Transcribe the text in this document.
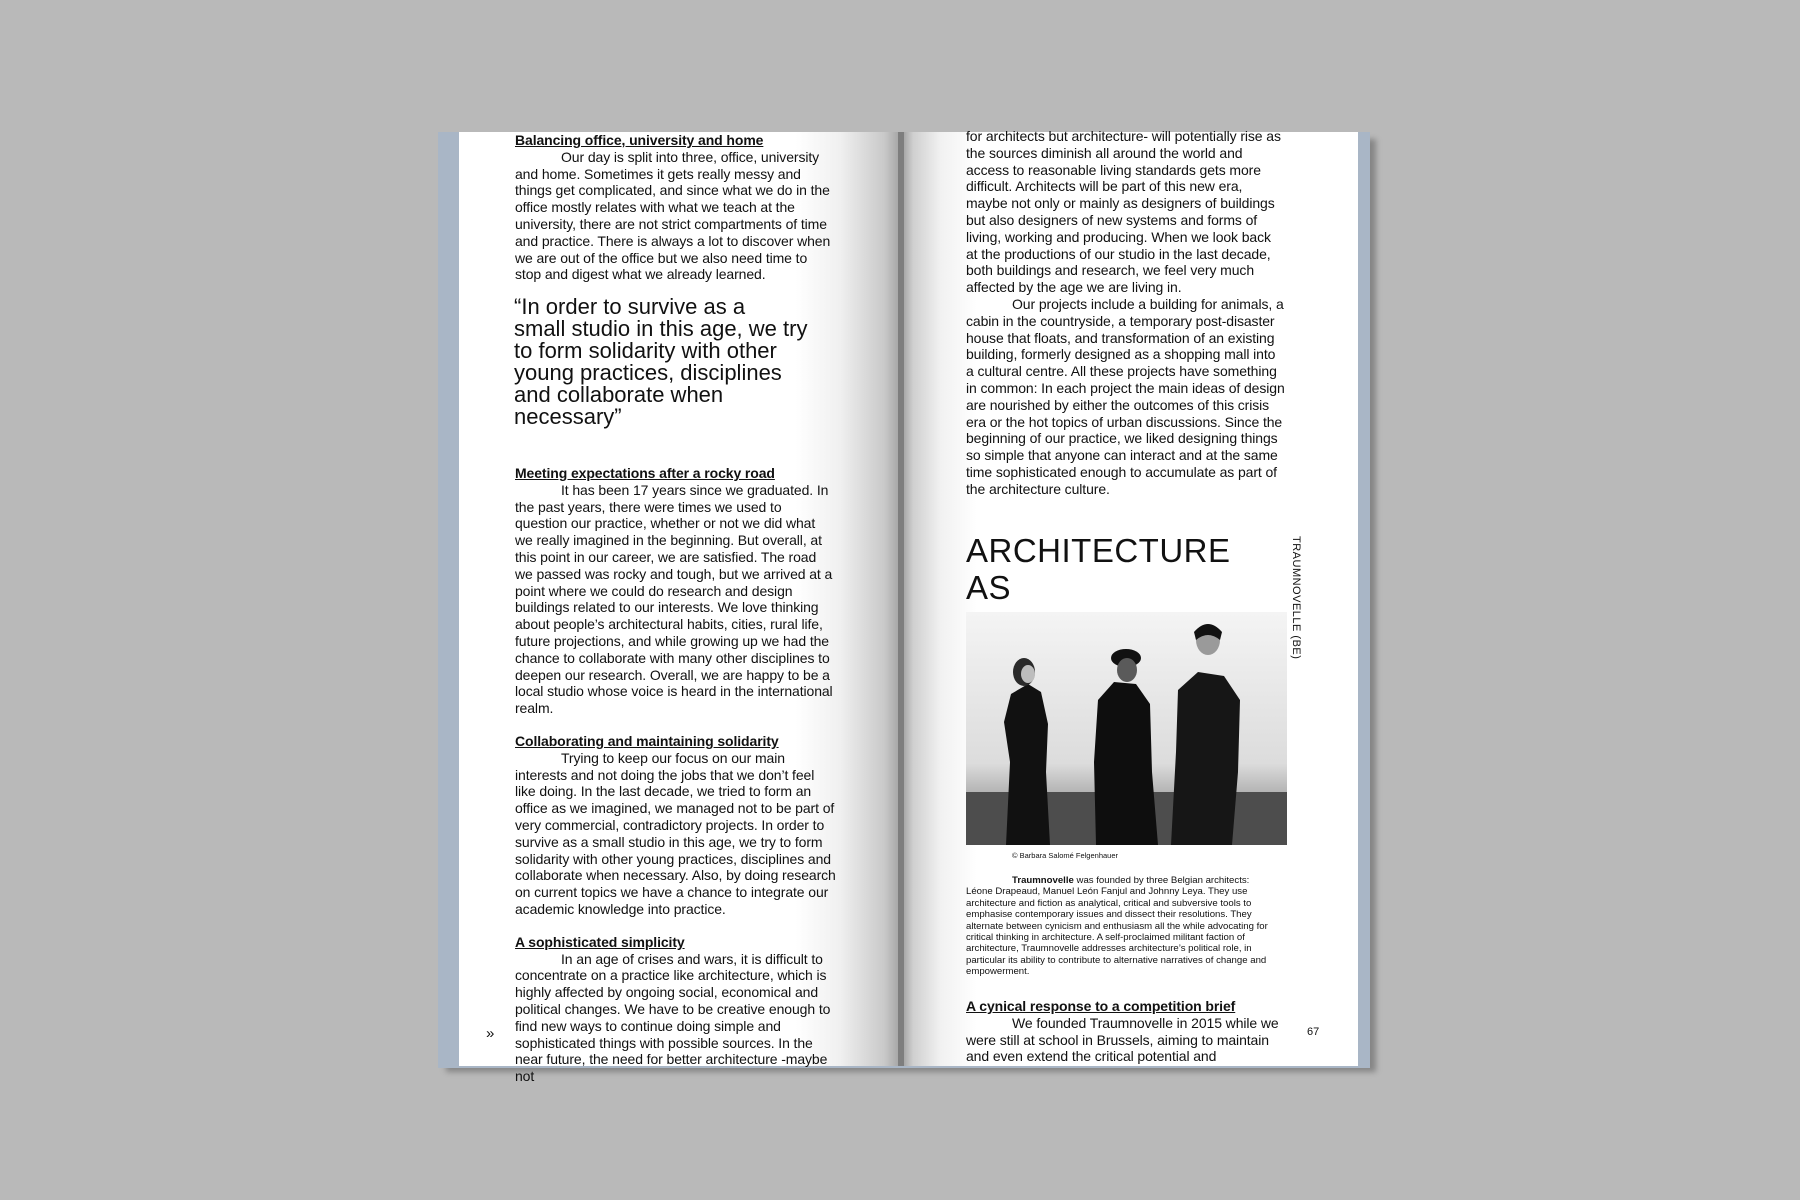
Balancing office, university and home

Our day is split into three, office, university and home. Sometimes it gets really messy and things get complicated, and since what we do in the office mostly relates with what we teach at the university, there are not strict compartments of time and practice. There is always a lot to discover when we are out of the office but we also need time to stop and digest what we already learned.

“In order to survive as a
small studio in this age, we try
to form solidarity with other
young practices, disciplines
and collaborate when
necessary”

Meeting expectations after a rocky road

It has been 17 years since we graduated. In the past years, there were times we used to question our practice, whether or not we did what we really imagined in the beginning. But overall, at this point in our career, we are satisfied. The road we passed was rocky and tough, but we arrived at a point where we could do research and design buildings related to our interests. We love thinking about people’s architectural habits, cities, rural life, future projections, and while growing up we had the chance to collaborate with many other disciplines to deepen our research. Overall, we are happy to be a local studio whose voice is heard in the international realm.

Collaborating and maintaining solidarity

Trying to keep our focus on our main interests and not doing the jobs that we don’t feel like doing. In the last decade, we tried to form an office as we imagined, we managed not to be part of very commercial, contradictory projects. In order to survive as a small studio in this age, we try to form solidarity with other young practices, disciplines and collaborate when necessary. Also, by doing research on current topics we have a chance to integrate our academic knowledge into practice.

A sophisticated simplicity

In an age of crises and wars, it is difficult to concentrate on a practice like architecture, which is highly affected by ongoing social, economical and political changes. We have to be creative enough to find new ways to continue doing simple and sophisticated things with possible sources. In the near future, the need for better architecture -maybe not

»

for architects but architecture- will potentially rise as the sources diminish all around the world and access to reasonable living standards gets more difficult. Architects will be part of this new era, maybe not only or mainly as designers of buildings but also designers of new systems and forms of living, working and producing. When we look back at the productions of our studio in the last decade, both buildings and research, we feel very much affected by the age we are living in.

Our projects include a building for animals, a cabin in the countryside, a temporary post-disaster house that floats, and transformation of an existing building, formerly designed as a shopping mall into a cultural centre. All these projects have something in common: In each project the main ideas of design are nourished by either the outcomes of this crisis era or the hot topics of urban discussions. Since the beginning of our practice, we liked designing things so simple that anyone can interact and at the same time sophisticated enough to accumulate as part of the architecture culture.

ARCHITECTURE AS	TRAUMNOVELLE (BE)
© Barbara Salomé Felgenhauer

Traumnovelle was founded by three Belgian architects: Léone Drapeaud, Manuel León Fanjul and Johnny Leya. They use architecture and fiction as analytical, critical and subversive tools to emphasise contemporary issues and dissect their resolutions. They alternate between cynicism and enthusiasm all the while advocating for critical thinking in architecture. A self-proclaimed militant faction of architecture, Traumnovelle addresses architecture’s political role, in particular its ability to contribute to alternative narratives of change and empowerment.

A cynical response to a competition brief

We founded Traumnovelle in 2015 while we were still at school in Brussels, aiming to maintain and even extend the critical potential and

67
